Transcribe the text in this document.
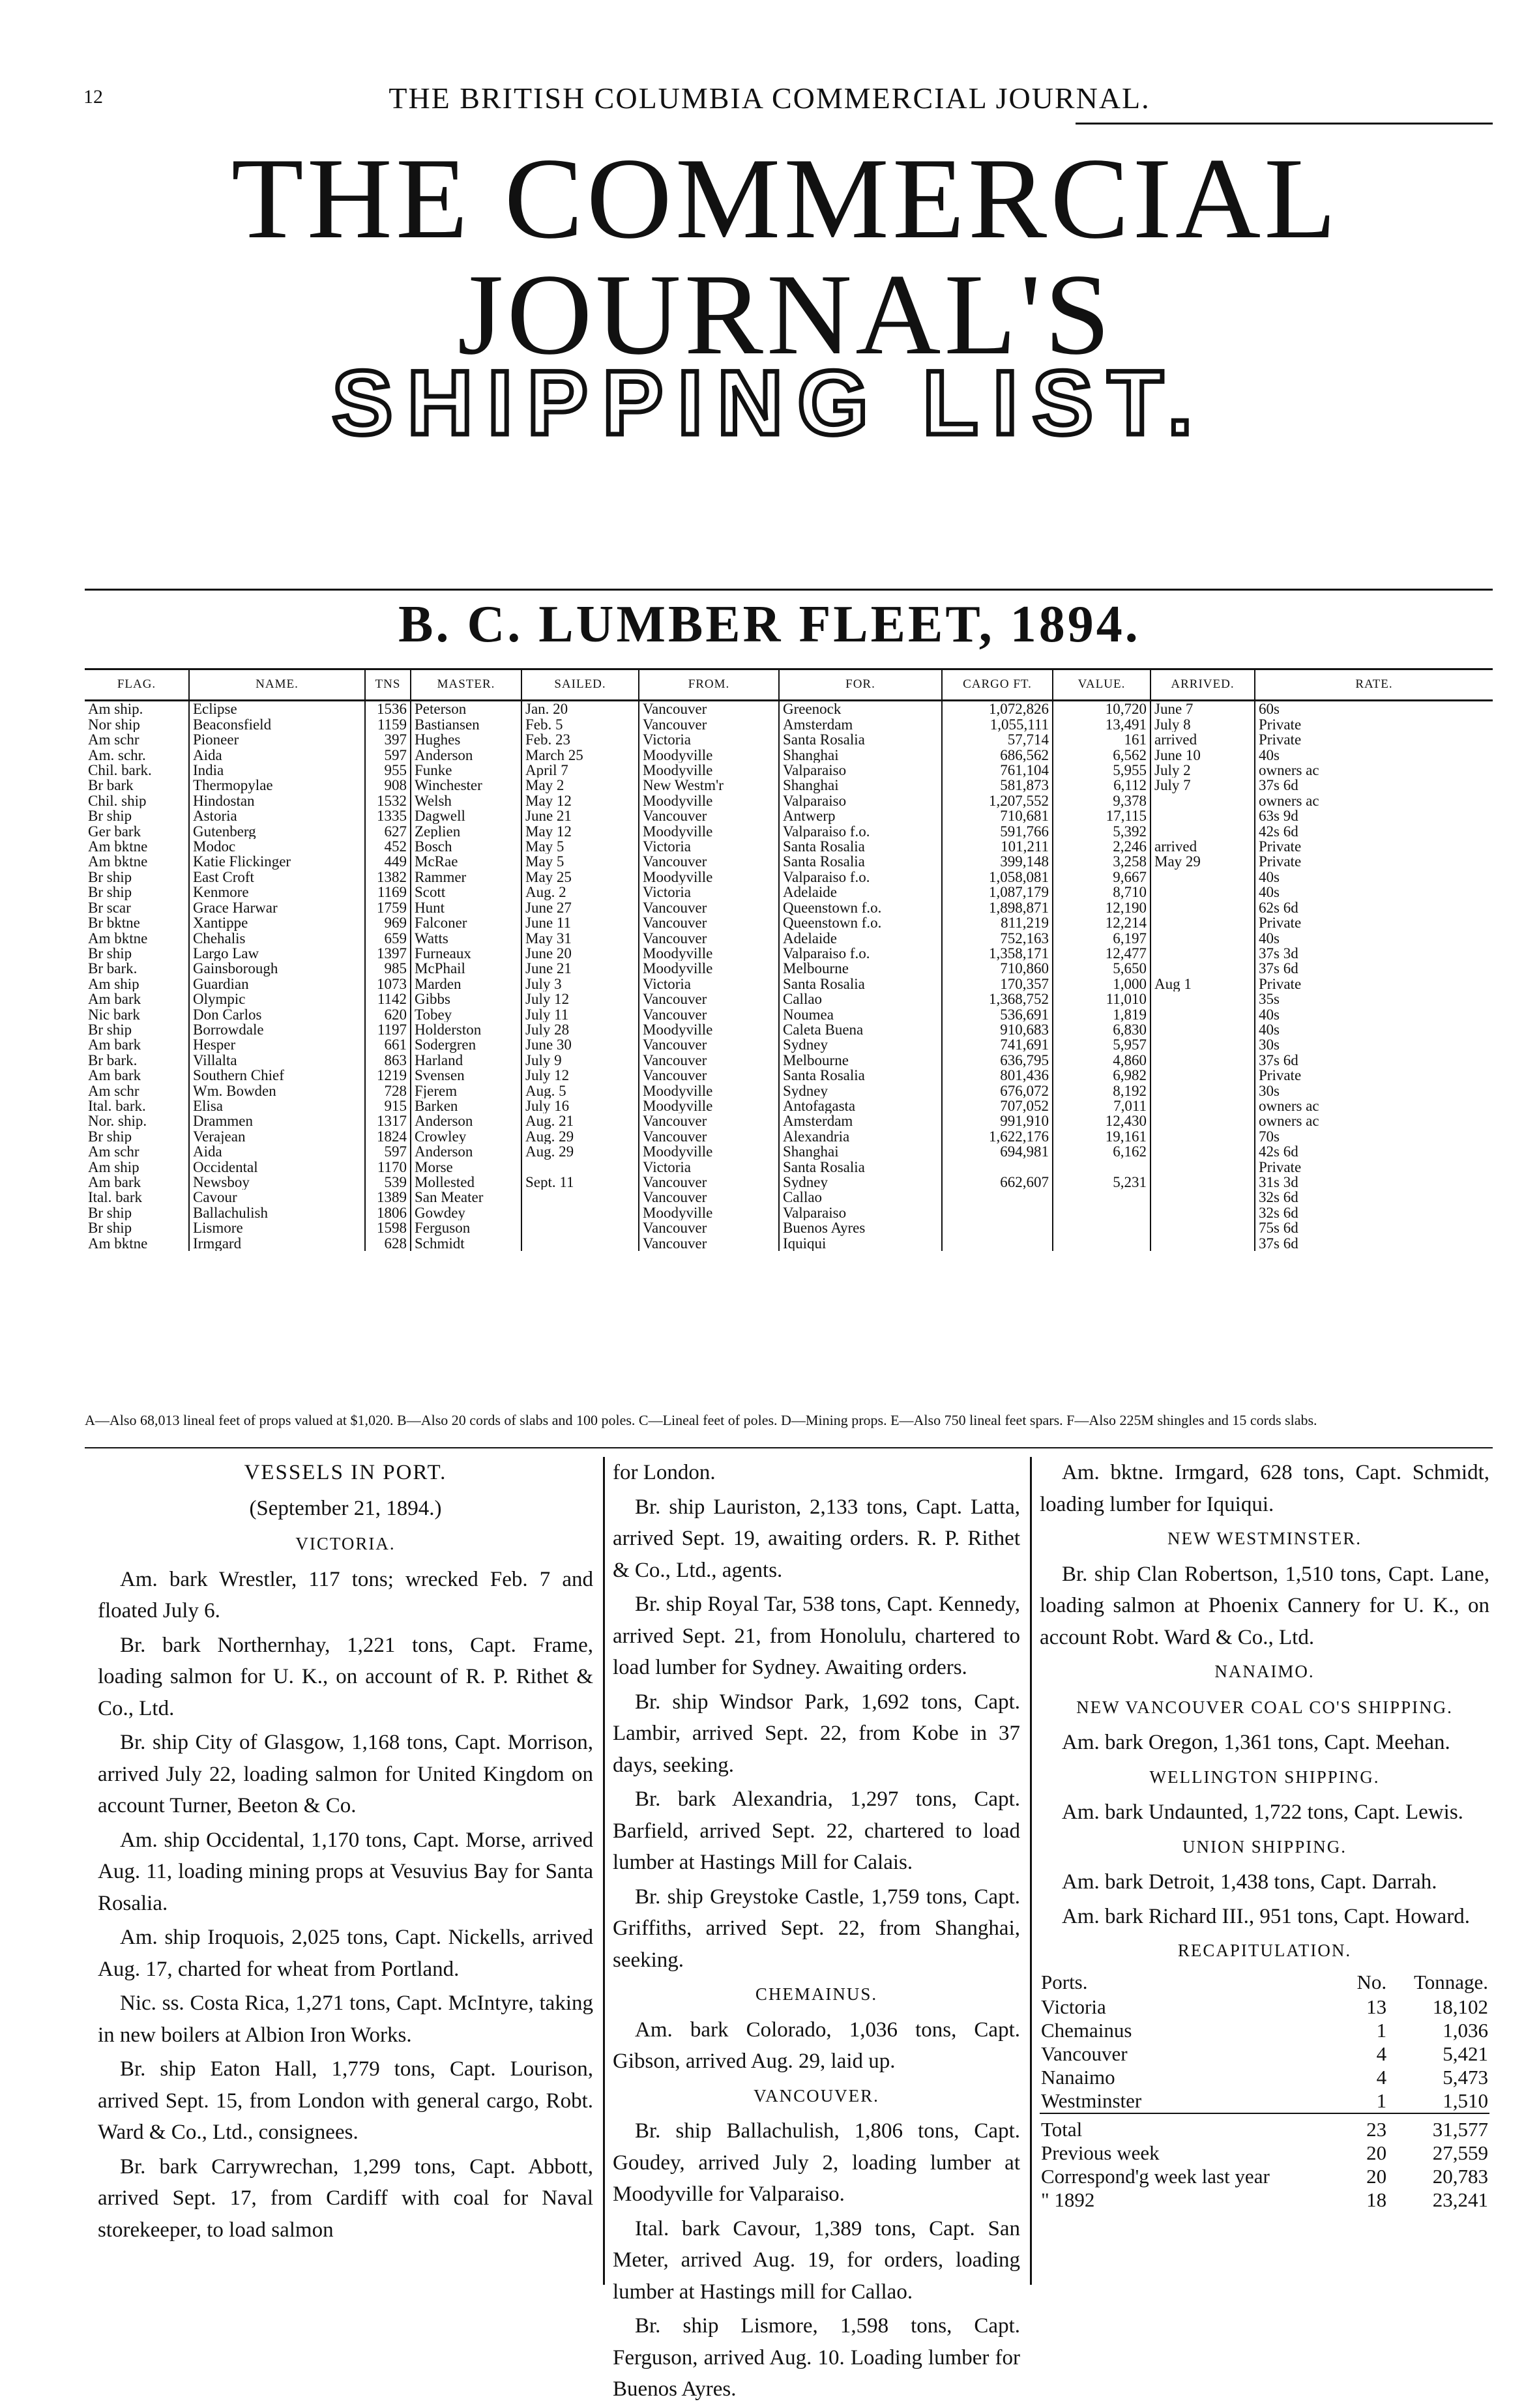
12	THE BRITISH COLUMBIA COMMERCIAL JOURNAL.
THE COMMERCIAL JOURNAL'S
SHIPPING LIST.
B. C. LUMBER FLEET, 1894.
FLAG.	NAME.	TNS	MASTER.	SAILED.	FROM.	FOR.	CARGO FT.	VALUE.	ARRIVED.	RATE.
Am ship.	Eclipse	1536	Peterson	Jan. 20	Vancouver	Greenock	1,072,826	10,720	June 7	60s
Nor ship	Beaconsfield	1159	Bastiansen	Feb. 5	Vancouver	Amsterdam	1,055,111	13,491	July 8	Private
Am schr	Pioneer	397	Hughes	Feb. 23	Victoria	Santa Rosalia	57,714	161	arrived	Private
Am. schr.	Aida	597	Anderson	March 25	Moodyville	Shanghai	686,562	6,562	June 10	40s
Chil. bark.	India	955	Funke	April 7	Moodyville	Valparaiso	761,104	5,955	July 2	owners ac
Br bark	Thermopylae	908	Winchester	May 2	New Westm'r	Shanghai	581,873	6,112	July 7	37s 6d
Chil. ship	Hindostan	1532	Welsh	May 12	Moodyville	Valparaiso	1,207,552	9,378		owners ac
Br ship	Astoria	1335	Dagwell	June 21	Vancouver	Antwerp	710,681	17,115		63s 9d
Ger bark	Gutenberg	627	Zeplien	May 12	Moodyville	Valparaiso f.o.	591,766	5,392		42s 6d
Am bktne	Modoc	452	Bosch	May 5	Victoria	Santa Rosalia	101,211	2,246	arrived	Private
Am bktne	Katie Flickinger	449	McRae	May 5	Vancouver	Santa Rosalia	399,148	3,258	May 29	Private
Br ship	East Croft	1382	Rammer	May 25	Moodyville	Valparaiso f.o.	1,058,081	9,667		40s
Br ship	Kenmore	1169	Scott	Aug. 2	Victoria	Adelaide	1,087,179	8,710		40s
Br scar	Grace Harwar	1759	Hunt	June 27	Vancouver	Queenstown f.o.	1,898,871	12,190		62s 6d
Br bktne	Xantippe	969	Falconer	June 11	Vancouver	Queenstown f.o.	811,219	12,214		Private
Am bktne	Chehalis	659	Watts	May 31	Vancouver	Adelaide	752,163	6,197		40s
Br ship	Largo Law	1397	Furneaux	June 20	Moodyville	Valparaiso f.o.	1,358,171	12,477		37s 3d
Br bark.	Gainsborough	985	McPhail	June 21	Moodyville	Melbourne	710,860	5,650		37s 6d
Am ship	Guardian	1073	Marden	July 3	Victoria	Santa Rosalia	170,357	1,000	Aug 1	Private
Am bark	Olympic	1142	Gibbs	July 12	Vancouver	Callao	1,368,752	11,010		35s
Nic bark	Don Carlos	620	Tobey	July 11	Vancouver	Noumea	536,691	1,819		40s
Br ship	Borrowdale	1197	Holderston	July 28	Moodyville	Caleta Buena	910,683	6,830		40s
Am bark	Hesper	661	Sodergren	June 30	Vancouver	Sydney	741,691	5,957		30s
Br bark.	Villalta	863	Harland	July 9	Vancouver	Melbourne	636,795	4,860		37s 6d
Am bark	Southern Chief	1219	Svensen	July 12	Vancouver	Santa Rosalia	801,436	6,982		Private
Am schr	Wm. Bowden	728	Fjerem	Aug. 5	Moodyville	Sydney	676,072	8,192		30s
Ital. bark.	Elisa	915	Barken	July 16	Moodyville	Antofagasta	707,052	7,011		owners ac
Nor. ship.	Drammen	1317	Anderson	Aug. 21	Vancouver	Amsterdam	991,910	12,430		owners ac
Br ship	Verajean	1824	Crowley	Aug. 29	Vancouver	Alexandria	1,622,176	19,161		70s
Am schr	Aida	597	Anderson	Aug. 29	Moodyville	Shanghai	694,981	6,162		42s 6d
Am ship	Occidental	1170	Morse		Victoria	Santa Rosalia				Private
Am bark	Newsboy	539	Mollested	Sept. 11	Vancouver	Sydney	662,607	5,231		31s 3d
Ital. bark	Cavour	1389	San Meater		Vancouver	Callao				32s 6d
Br ship	Ballachulish	1806	Gowdey		Moodyville	Valparaiso				32s 6d
Br ship	Lismore	1598	Ferguson		Vancouver	Buenos Ayres				75s 6d
Am bktne	Irmgard	628	Schmidt		Vancouver	Iquiqui				37s 6d
A—Also 68,013 lineal feet of props valued at $1,020. B—Also 20 cords of slabs and 100 poles. C—Lineal feet of poles. D—Mining props. E—Also 750 lineal feet spars. F—Also 225M shingles and 15 cords slabs.
VESSELS IN PORT.

(September 21, 1894.)

VICTORIA.

Am. bark Wrestler, 117 tons; wrecked Feb. 7 and floated July 6.

Br. bark Northernhay, 1,221 tons, Capt. Frame, loading salmon for U. K., on account of R. P. Rithet & Co., Ltd.

Br. ship City of Glasgow, 1,168 tons, Capt. Morrison, arrived July 22, loading salmon for United Kingdom on account Turner, Beeton & Co.

Am. ship Occidental, 1,170 tons, Capt. Morse, arrived Aug. 11, loading mining props at Vesuvius Bay for Santa Rosalia.

Am. ship Iroquois, 2,025 tons, Capt. Nickells, arrived Aug. 17, charted for wheat from Portland.

Nic. ss. Costa Rica, 1,271 tons, Capt. McIntyre, taking in new boilers at Albion Iron Works.

Br. ship Eaton Hall, 1,779 tons, Capt. Lourison, arrived Sept. 15, from London with general cargo, Robt. Ward & Co., Ltd., consignees.

Br. bark Carrywrechan, 1,299 tons, Capt. Abbott, arrived Sept. 17, from Cardiff with coal for Naval storekeeper, to load salmon

for London.

Br. ship Lauriston, 2,133 tons, Capt. Latta, arrived Sept. 19, awaiting orders. R. P. Rithet & Co., Ltd., agents.

Br. ship Royal Tar, 538 tons, Capt. Kennedy, arrived Sept. 21, from Honolulu, chartered to load lumber for Sydney. Awaiting orders.

Br. ship Windsor Park, 1,692 tons, Capt. Lambir, arrived Sept. 22, from Kobe in 37 days, seeking.

Br. bark Alexandria, 1,297 tons, Capt. Barfield, arrived Sept. 22, chartered to load lumber at Hastings Mill for Calais.

Br. ship Greystoke Castle, 1,759 tons, Capt. Griffiths, arrived Sept. 22, from Shanghai, seeking.

CHEMAINUS.

Am. bark Colorado, 1,036 tons, Capt. Gibson, arrived Aug. 29, laid up.

VANCOUVER.

Br. ship Ballachulish, 1,806 tons, Capt. Goudey, arrived July 2, loading lumber at Moodyville for Valparaiso.

Ital. bark Cavour, 1,389 tons, Capt. San Meter, arrived Aug. 19, for orders, loading lumber at Hastings mill for Callao.

Br. ship Lismore, 1,598 tons, Capt. Ferguson, arrived Aug. 10. Loading lumber for Buenos Ayres.

Am. bktne. Irmgard, 628 tons, Capt. Schmidt, loading lumber for Iquiqui.

NEW WESTMINSTER.

Br. ship Clan Robertson, 1,510 tons, Capt. Lane, loading salmon at Phoenix Cannery for U. K., on account Robt. Ward & Co., Ltd.

NANAIMO.
NEW VANCOUVER COAL CO'S SHIPPING.

Am. bark Oregon, 1,361 tons, Capt. Meehan.

WELLINGTON SHIPPING.

Am. bark Undaunted, 1,722 tons, Capt. Lewis.

UNION SHIPPING.

Am. bark Detroit, 1,438 tons, Capt. Darrah.

Am. bark Richard III., 951 tons, Capt. Howard.

RECAPITULATION.
Ports.	No.	Tonnage.
Victoria	13	18,102
Chemainus	1	1,036
Vancouver	4	5,421
Nanaimo	4	5,473
Westminster	1	1,510
Total	23	31,577
Previous week	20	27,559
Correspond'g week last year	20	20,783
" 1892	18	23,241
